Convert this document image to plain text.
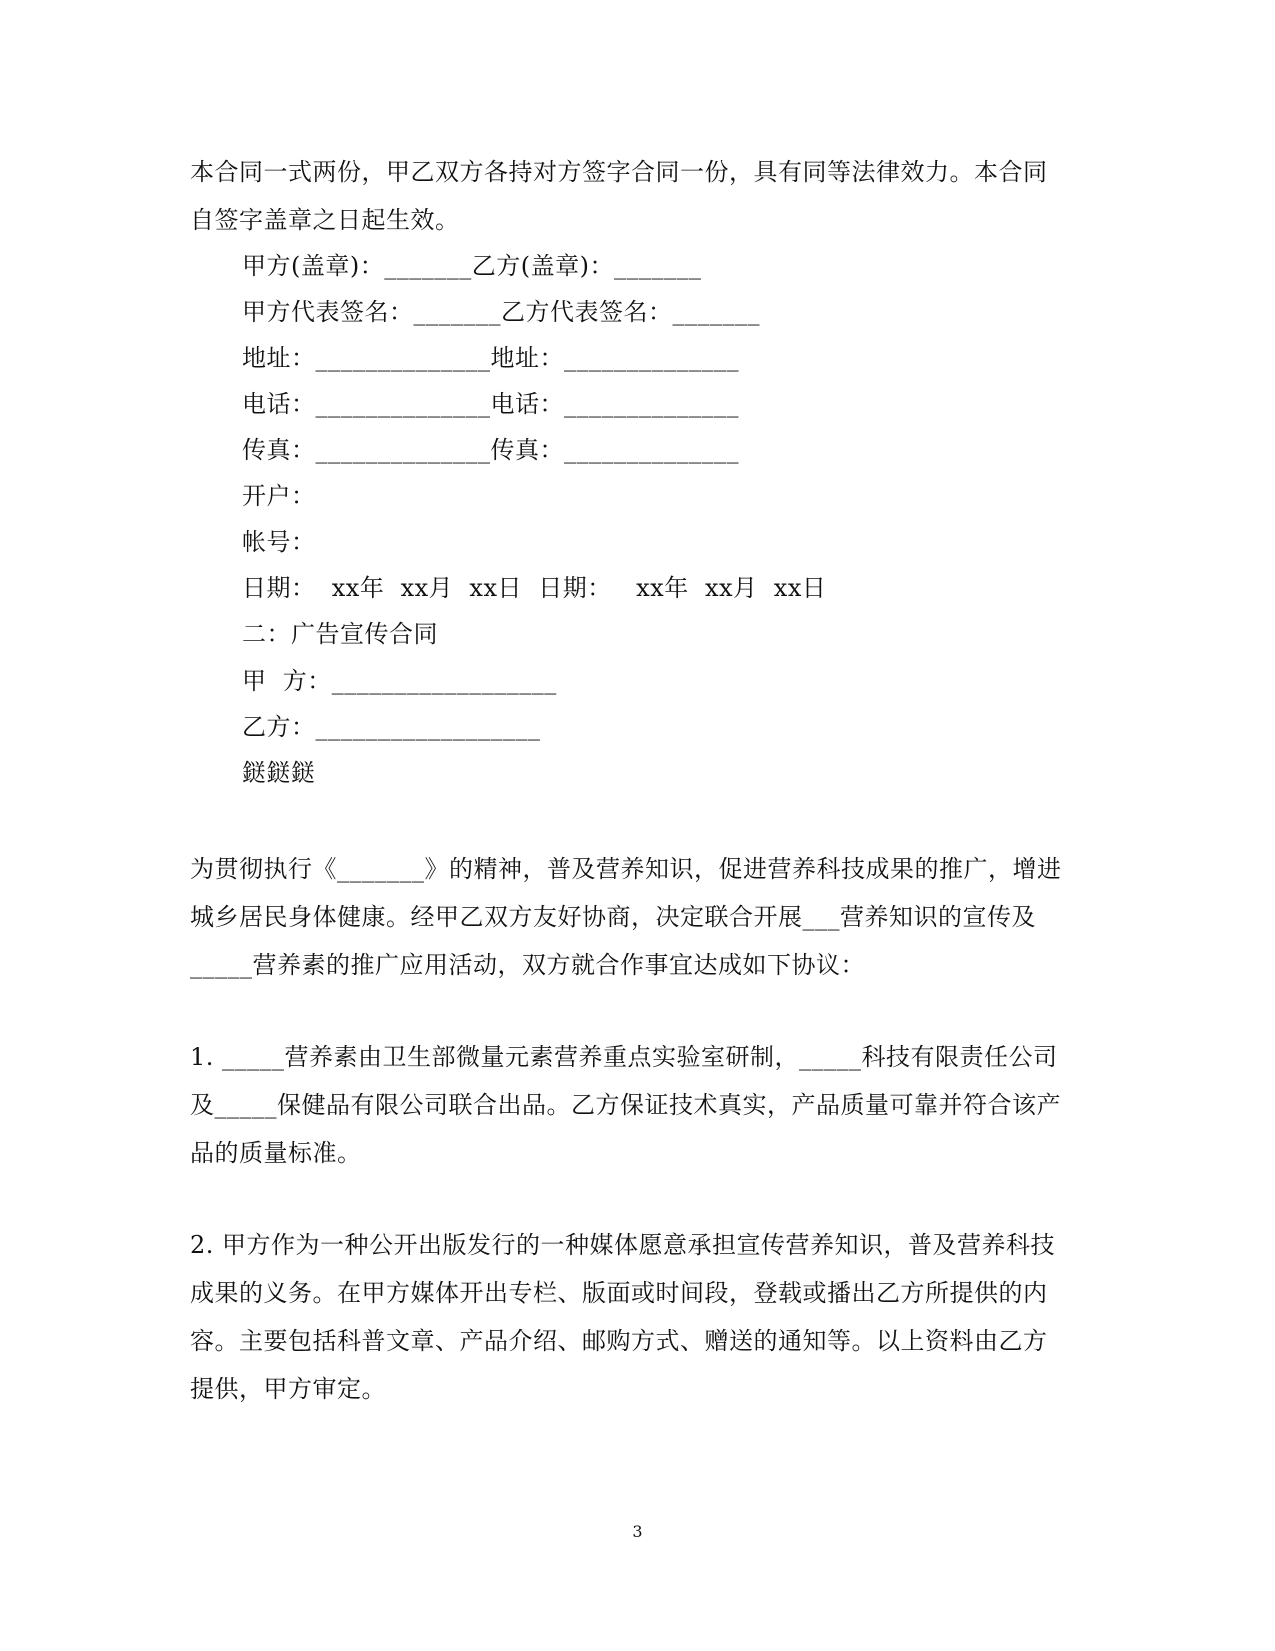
本合同一式两份，甲乙双方各持对方签字合同一份，具有同等法律效力。本合同自签字盖章之日起生效。
甲方(盖章)：_______乙方(盖章)：_______
甲方代表签名：_______乙方代表签名：_______
地址：______________地址：______________
电话：______________电话：______________
传真：______________传真：______________
开户：
帐号：
日期：  xx年  xx月  xx日  日期：   xx年  xx月  xx日
二：广告宣传合同
甲  方：__________________
乙方：__________________
鎹鎹鎹
为贯彻执行《_______》的精神，普及营养知识，促进营养科技成果的推广，增进城乡居民身体健康。经甲乙双方友好协商，决定联合开展___营养知识的宣传及_____营养素的推广应用活动，双方就合作事宜达成如下协议：
1. _____营养素由卫生部微量元素营养重点实验室研制，_____科技有限责任公司及_____保健品有限公司联合出品。乙方保证技术真实，产品质量可靠并符合该产品的质量标准。
2. 甲方作为一种公开出版发行的一种媒体愿意承担宣传营养知识，普及营养科技成果的义务。在甲方媒体开出专栏、版面或时间段，登载或播出乙方所提供的内容。主要包括科普文章、产品介绍、邮购方式、赠送的通知等。以上资料由乙方提供，甲方审定。
3
